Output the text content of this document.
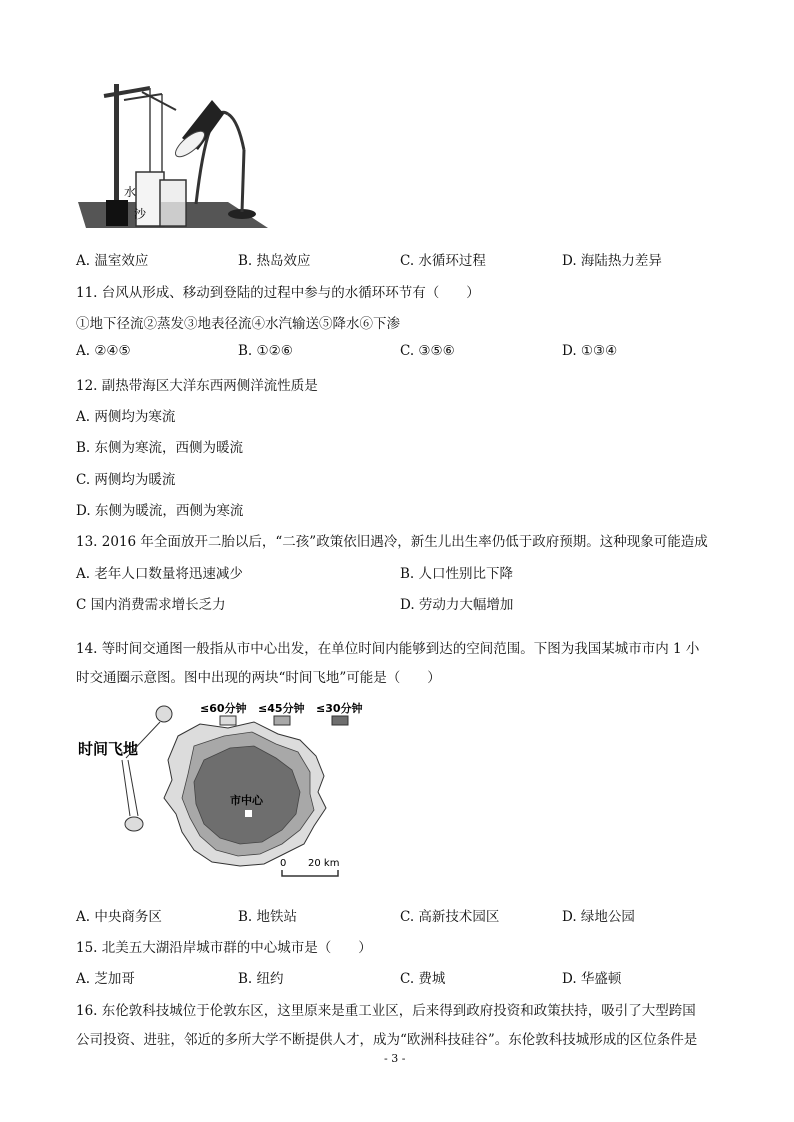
水
沙
A. 温室效应	B. 热岛效应	C. 水循环过程	D. 海陆热力差异
11. 台风从形成、移动到登陆的过程中参与的水循环环节有（　　）
①地下径流②蒸发③地表径流④水汽输送⑤降水⑥下渗
A. ②④⑤	B. ①②⑥	C. ③⑤⑥	D. ①③④
12. 副热带海区大洋东西两侧洋流性质是
A. 两侧均为寒流
B. 东侧为寒流，西侧为暖流
C. 两侧均为暖流
D. 东侧为暖流，西侧为寒流
13. 2016 年全面放开二胎以后，“二孩”政策依旧遇冷，新生儿出生率仍低于政府预期。这种现象可能造成
A. 老年人口数量将迅速减少	B. 人口性别比下降
C 国内消费需求增长乏力	D. 劳动力大幅增加
14. 等时间交通图一般指从市中心出发，在单位时间内能够到达的空间范围。下图为我国某城市市内 1 小
时交通圈示意图。图中出现的两块“时间飞地”可能是（　　）
≤60分钟 ≤45分钟 ≤30分钟
时间飞地
市中心
0 20 km
A. 中央商务区	B. 地铁站	C. 高新技术园区	D. 绿地公园
15. 北美五大湖沿岸城市群的中心城市是（　　）
A. 芝加哥	B. 纽约	C. 费城	D. 华盛顿
16. 东伦敦科技城位于伦敦东区，这里原来是重工业区，后来得到政府投资和政策扶持，吸引了大型跨国
公司投资、进驻，邻近的多所大学不断提供人才，成为“欧洲科技硅谷”。东伦敦科技城形成的区位条件是
- 3 -
